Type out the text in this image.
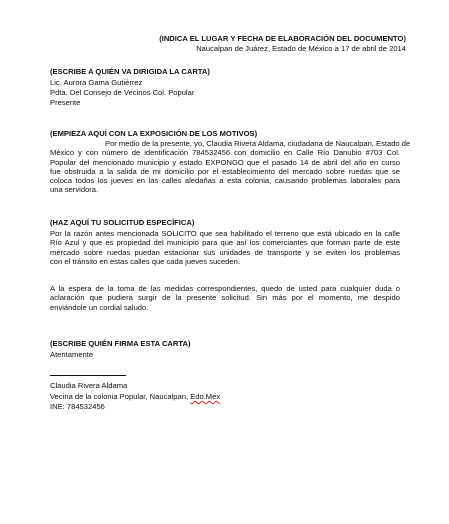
(INDICA EL LUGAR Y FECHA DE ELABORACIÓN DEL DOCUMENTO)
Naucalpan de Juárez, Estado de México a 17 de abril de 2014
(ESCRIBE A QUIÉN VA DIRIGIDA LA CARTA)
Lic. Aurora Gama Gutiérrez
Pdta. Del Consejo de Vecinos Col. Popular
Presente
(EMPIEZA AQUÍ CON LA EXPOSICIÓN DE LOS MOTIVOS)
Por medio de la presente, yo, Claudia Rivera Aldama, ciudadana de Naucalpan, Estado de
México y con número de identificación 784532456 con domicilio en Calle Río Danubio #703 Col.
Popular del mencionado municipio y estado EXPONGO que el pasado 14 de abril del año en curso
fue obstruida a la salida de mi domicilio por el establecimiento del mercado sobre ruedas que se
coloca todos los jueves en las calles aledañas a esta colonia, causando problemas laborales para
una servidora.
(HAZ AQUÍ TU SOLICITUD ESPECÍFICA)
Por la razón antes mencionada SOLICITO que sea habilitado el terreno que está ubicado en la calle
Río Azul y que es propiedad del municipio para que así los comerciantes que forman parte de este
mercado sobre ruedas puedan estacionar sus unidades de transporte y se eviten los problemas
con el tránsito en estas calles que cada jueves suceden.
A la espera de la toma de las medidas correspondientes, quedo de usted para cualquier duda o
aclaración que pudiera surgir de la presente solicitud. Sin más por el momento, me despido
enviándole un cordial saludo.
(ESCRIBE QUIÉN FIRMA ESTA CARTA)
Atentamente
Claudia Rivera Aldama
Vecina de la colonia Popular, Naucalpan, Edo.Mex
INE: 784532456
